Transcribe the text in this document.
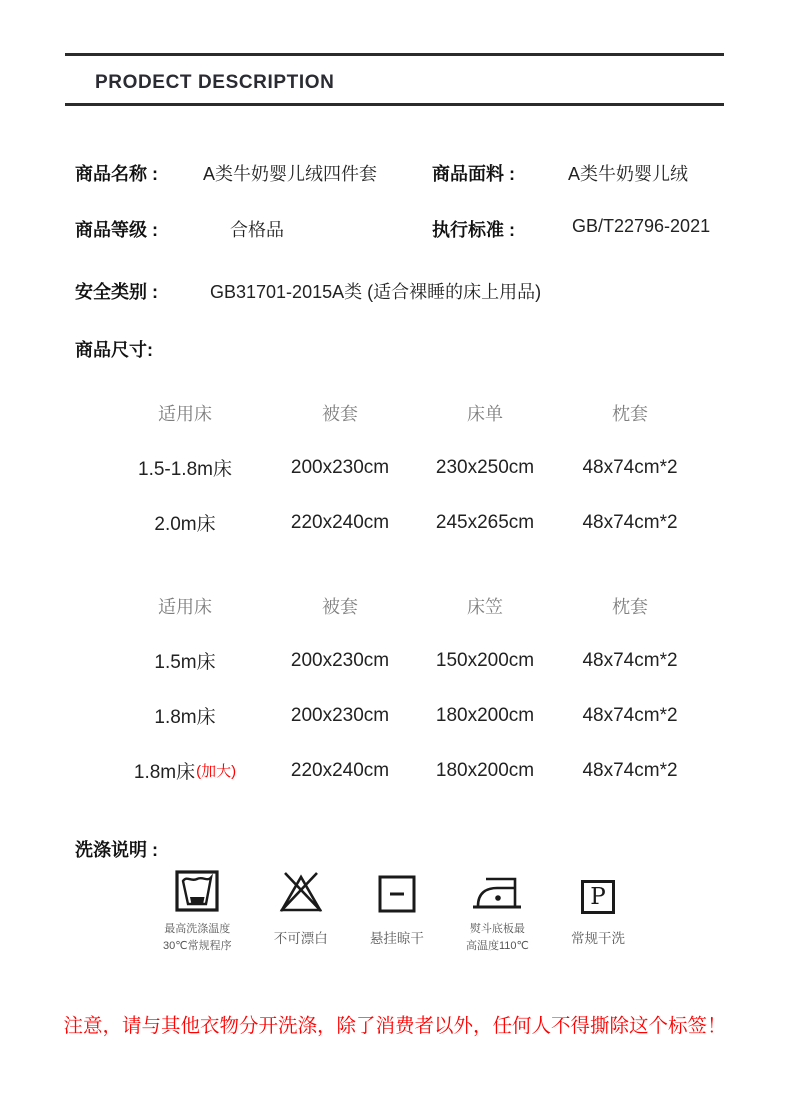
PRODECT DESCRIPTION
商品名称 :	A类牛奶婴儿绒四件套	商品面料 :	A类牛奶婴儿绒
商品等级 :	合格品	执行标准 :	GB/T22796-2021
安全类别 :	GB31701-2015A类 (适合裸睡的床上用品)
商品尺寸:
适用床	被套	床单	枕套
1.5-1.8m床	200x230cm	230x250cm	48x74cm*2
2.0m床	220x240cm	245x265cm	48x74cm*2
适用床	被套	床笠	枕套
1.5m床	200x230cm	150x200cm	48x74cm*2
1.8m床	200x230cm	180x200cm	48x74cm*2
1.8m床 (加大)	220x240cm	180x200cm	48x74cm*2
洗涤说明 :
最高洗涤温度
30℃常规程序	不可漂白	悬挂晾干
熨斗底板最
高温度110℃
P
常规干洗
注意，请与其他衣物分开洗涤，除了消费者以外，任何人不得撕除这个标签！
